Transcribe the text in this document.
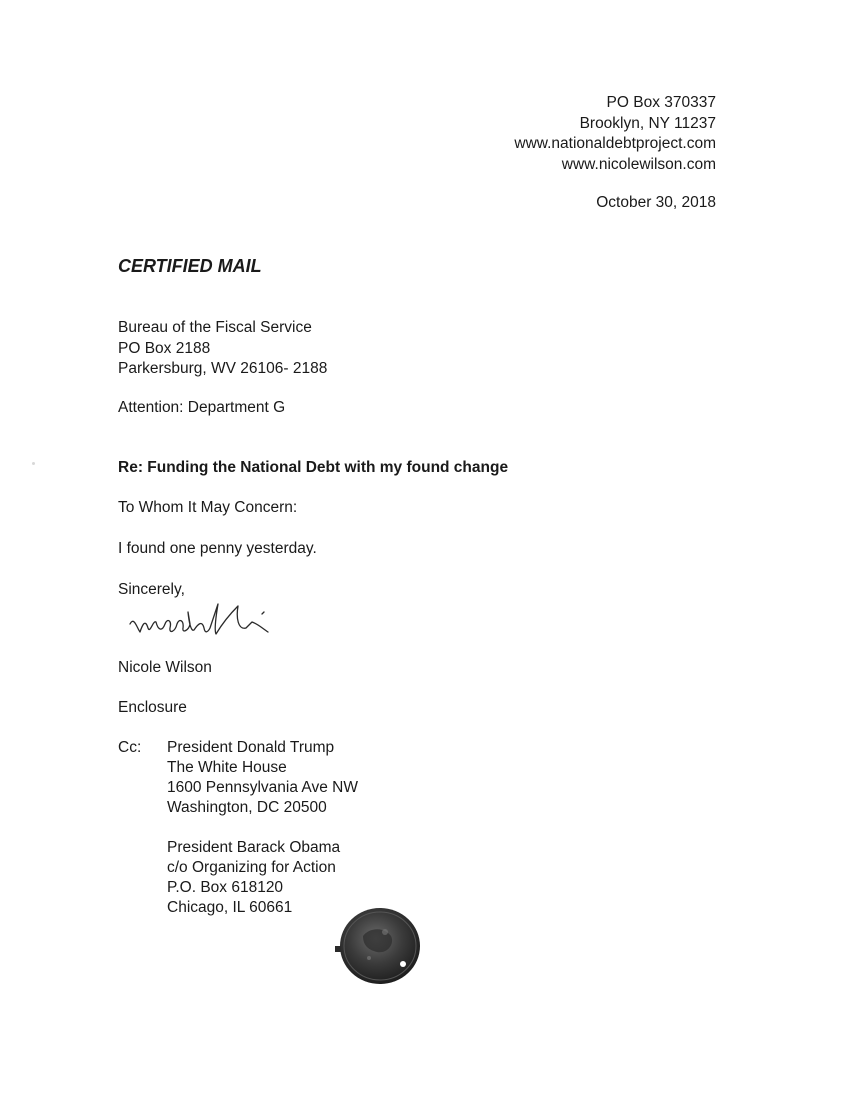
PO Box 370337
Brooklyn, NY 11237
www.nationaldebtproject.com
www.nicolewilson.com
October 30, 2018
CERTIFIED MAIL
Bureau of the Fiscal Service
PO Box 2188
Parkersburg, WV 26106- 2188
Attention: Department G
Re: Funding the National Debt with my found change
To Whom It May Concern:
I found one penny yesterday.
Sincerely,
Nicole Wilson
Enclosure
Cc: President Donald Trump
The White House
1600 Pennsylvania Ave NW
Washington, DC 20500
President Barack Obama
c/o Organizing for Action
P.O. Box 618120
Chicago, IL 60661
